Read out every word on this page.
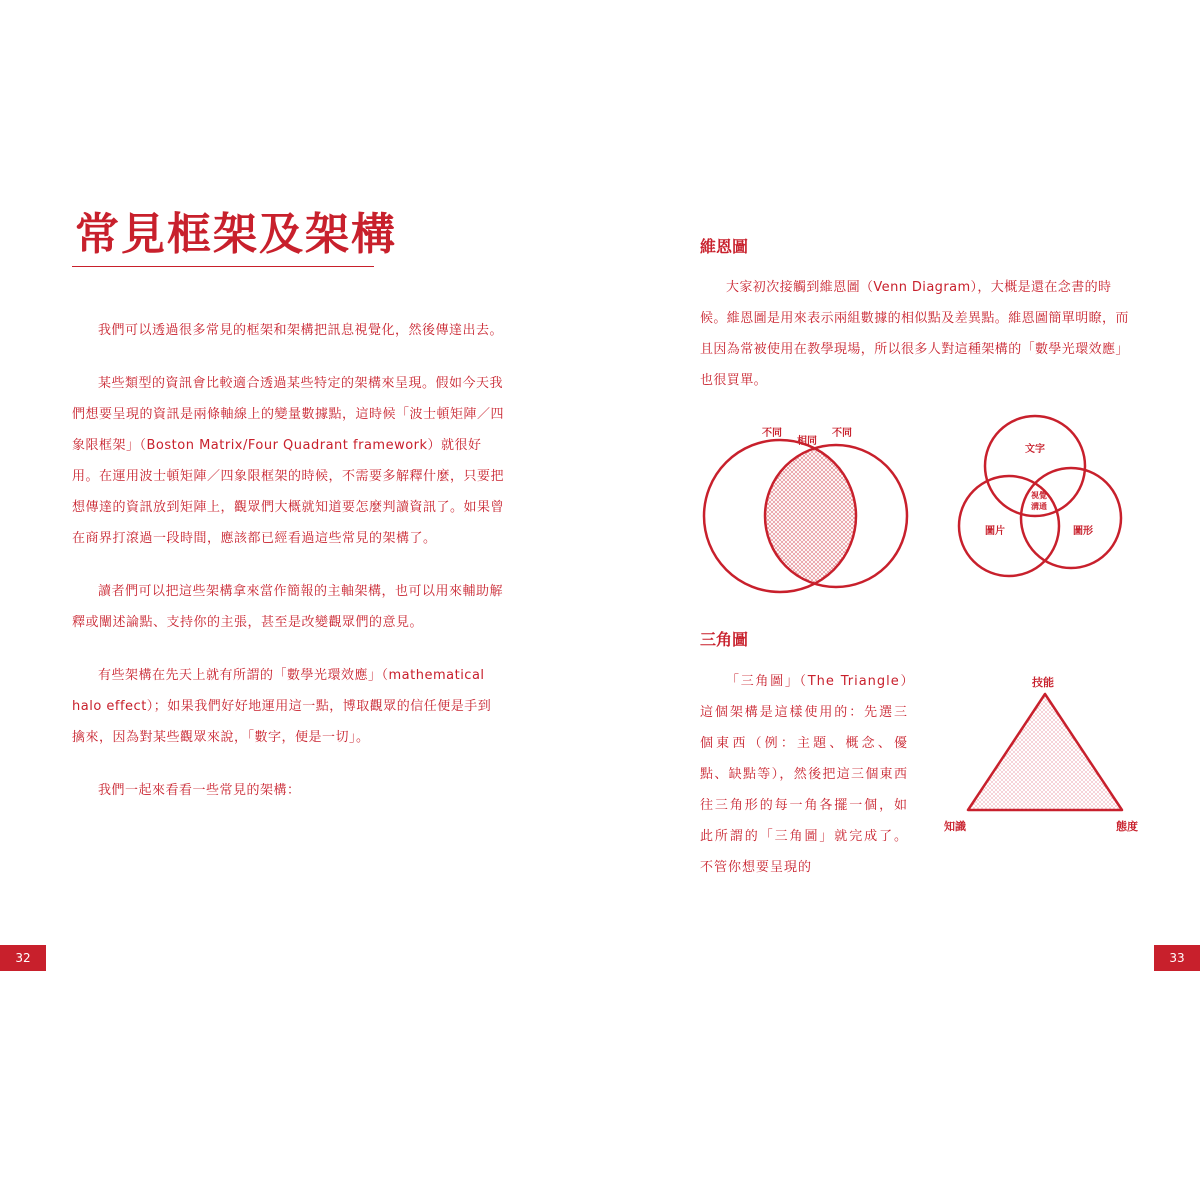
常見框架及架構

我們可以透過很多常見的框架和架構把訊息視覺化，然後傳達出去。

某些類型的資訊會比較適合透過某些特定的架構來呈現。假如今天我們想要呈現的資訊是兩條軸線上的變量數據點，這時候「波士頓矩陣／四象限框架」（Boston Matrix/Four Quadrant framework）就很好用。在運用波士頓矩陣／四象限框架的時候，不需要多解釋什麼，只要把想傳達的資訊放到矩陣上，觀眾們大概就知道要怎麼判讀資訊了。如果曾在商界打滾過一段時間，應該都已經看過這些常見的架構了。

讀者們可以把這些架構拿來當作簡報的主軸架構，也可以用來輔助解釋或闡述論點、支持你的主張，甚至是改變觀眾們的意見。

有些架構在先天上就有所謂的「數學光環效應」（mathematical halo effect）；如果我們好好地運用這一點，博取觀眾的信任便是手到擒來，因為對某些觀眾來說，「數字，便是一切」。

我們一起來看看一些常見的架構：

32
維恩圖

大家初次接觸到維恩圖（Venn Diagram），大概是還在念書的時候。維恩圖是用來表示兩組數據的相似點及差異點。維恩圖簡單明瞭，而且因為常被使用在教學現場，所以很多人對這種架構的「數學光環效應」也很買單。

不同
相同
不同
文字
圖片	圖形
視覺
溝通
三角圖

「三角圖」（The Triangle）這個架構是這樣使用的：先選三個東西（例：主題、概念、優點、缺點等），然後把這三個東西往三角形的每一角各擺一個，如此所謂的「三角圖」就完成了。不管你想要呈現的

技能
知識	態度
33
